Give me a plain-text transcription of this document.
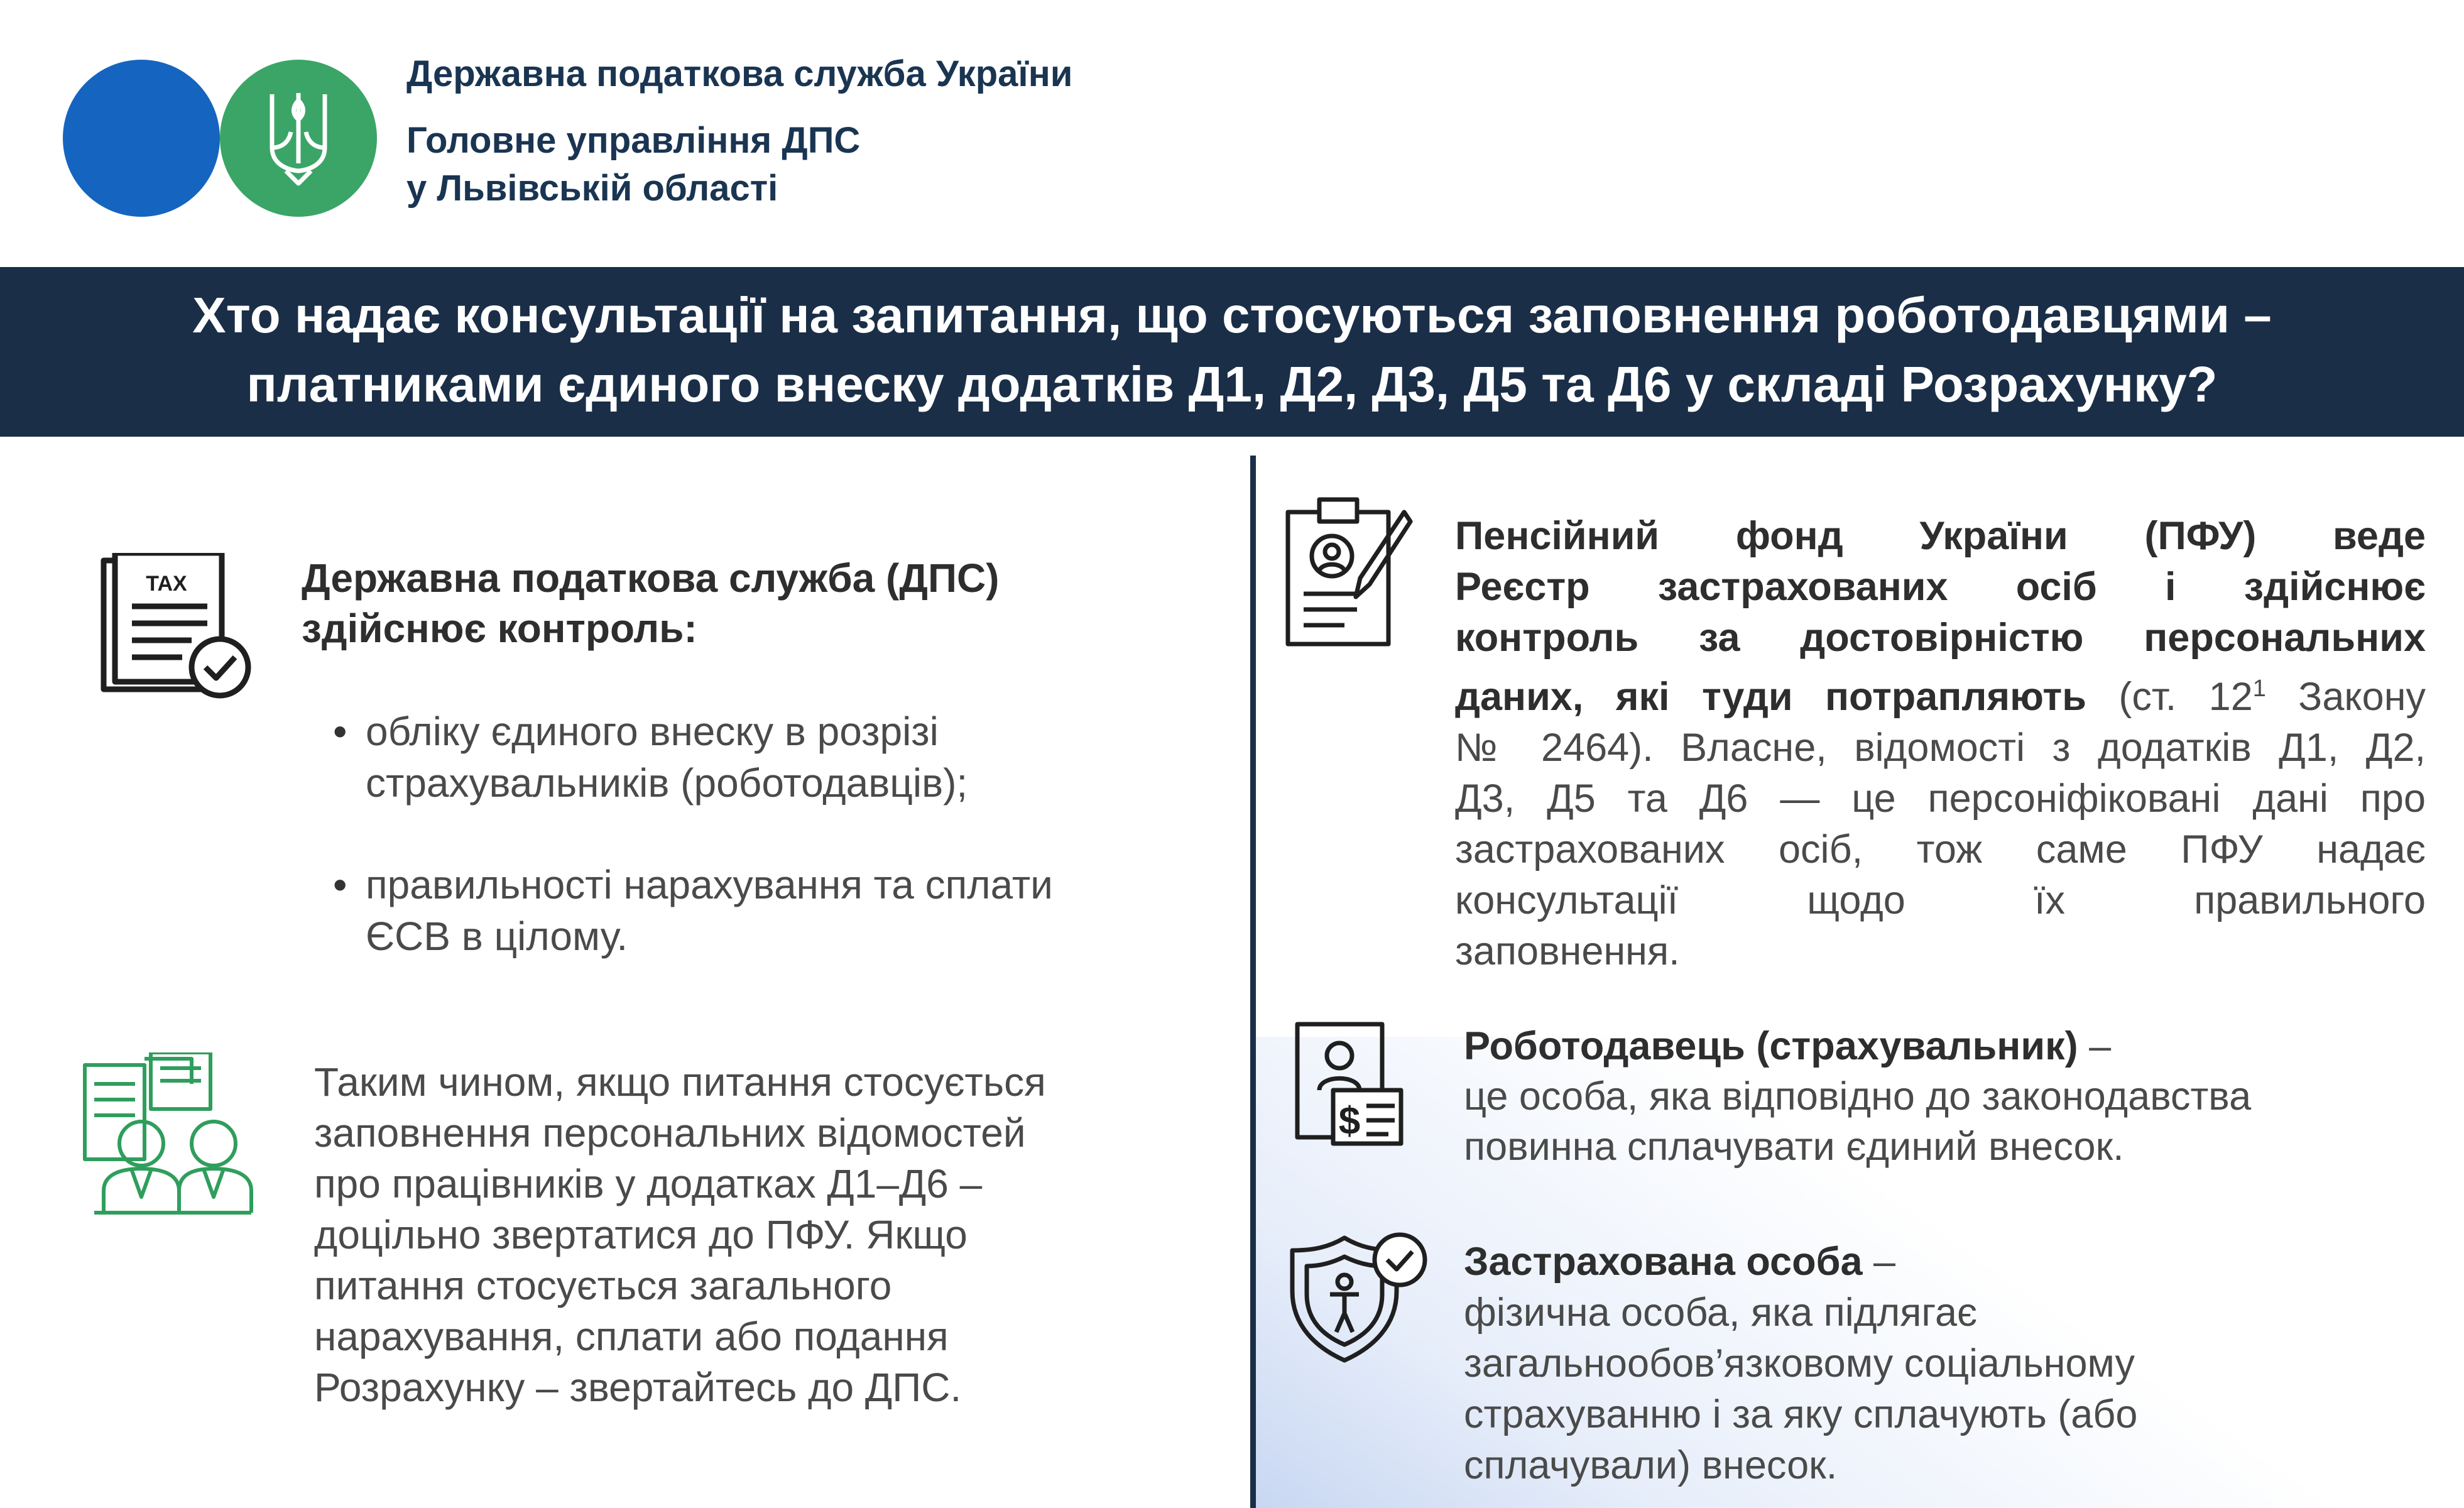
Державна податкова служба України
Головне управління ДПС
у Львівській області
Хто надає консультації на запитання, що стосуються заповнення роботодавцями –
платниками єдиного внеску додатків Д1, Д2, Д3, Д5 та Д6 у складі Розрахунку?
TAX	Державна податкова служба (ДПС)
здійснює контроль:
• обліку єдиного внеску в розрізі
страхувальників (роботодавців);
• правильності нарахування та сплати
ЄСВ в цілому.
Таким чином, якщо питання стосується
заповнення персональних відомостей
про працівників у додатках Д1–Д6 –
доцільно звертатися до ПФУ. Якщо
питання стосується загального
нарахування, сплати або подання
Розрахунку – звертайтесь до ДПС.
Пенсійний фонд України (ПФУ) веде
Реєстр застрахованих осіб і здійснює
контроль за достовірністю персональних
даних, які туди потрапляють (ст. $12^1$ Закону
№ 2464). Власне, відомості з додатків Д1, Д2,
Д3, Д5 та Д6 — це персоніфіковані дані про
застрахованих осіб, тож саме ПФУ надає
консультації щодо їх правильного
заповнення.
$
Роботодавець (страхувальник) –
це особа, яка відповідно до законодавства
повинна сплачувати єдиний внесок.
Застрахована особа –
фізична особа, яка підлягає
загальнообов’язковому соціальному
страхуванню і за яку сплачують (або
сплачували) внесок.
